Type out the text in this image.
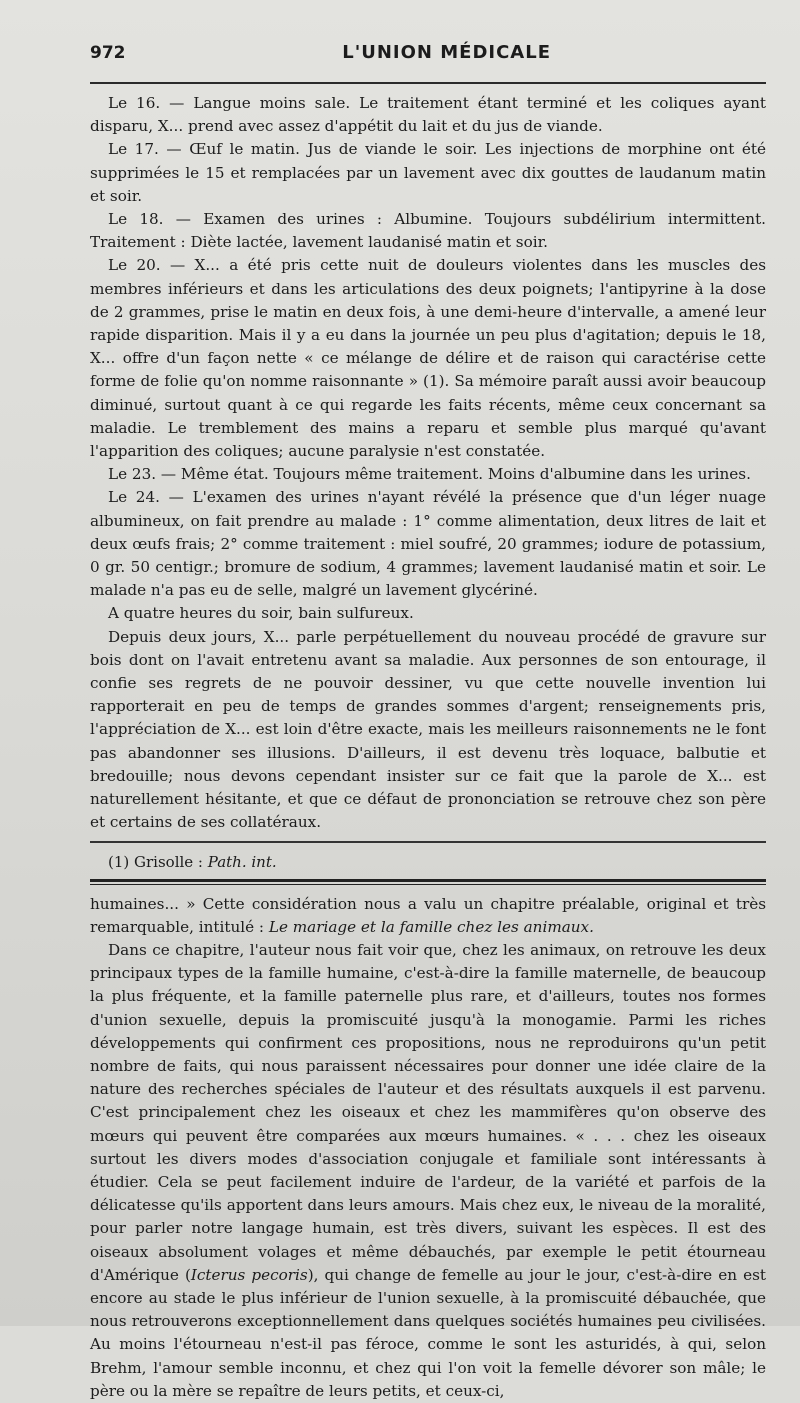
972	L'UNION MÉDICALE

Le 16. — Langue moins sale. Le traitement étant terminé et les coliques ayant disparu, X... prend avec assez d'appétit du lait et du jus de viande.

Le 17. — Œuf le matin. Jus de viande le soir. Les injections de morphine ont été supprimées le 15 et remplacées par un lavement avec dix gouttes de laudanum matin et soir.

Le 18. — Examen des urines : Albumine. Toujours subdélirium intermittent. Traitement : Diète lactée, lavement laudanisé matin et soir.

Le 20. — X... a été pris cette nuit de douleurs violentes dans les muscles des membres inférieurs et dans les articulations des deux poignets; l'antipyrine à la dose de 2 grammes, prise le matin en deux fois, à une demi-heure d'intervalle, a amené leur rapide disparition. Mais il y a eu dans la journée un peu plus d'agitation; depuis le 18, X... offre d'un façon nette « ce mélange de délire et de raison qui caractérise cette forme de folie qu'on nomme raisonnante » (1). Sa mémoire paraît aussi avoir beaucoup diminué, surtout quant à ce qui regarde les faits récents, même ceux concernant sa maladie. Le tremblement des mains a reparu et semble plus marqué qu'avant l'apparition des coliques; aucune paralysie n'est constatée.

Le 23. — Même état. Toujours même traitement. Moins d'albumine dans les urines.

Le 24. — L'examen des urines n'ayant révélé la présence que d'un léger nuage albumineux, on fait prendre au malade : 1° comme alimentation, deux litres de lait et deux œufs frais; 2° comme traitement : miel soufré, 20 grammes; iodure de potassium, 0 gr. 50 centigr.; bromure de sodium, 4 grammes; lavement laudanisé matin et soir. Le malade n'a pas eu de selle, malgré un lavement glycériné.

A quatre heures du soir, bain sulfureux.

Depuis deux jours, X... parle perpétuellement du nouveau procédé de gravure sur bois dont on l'avait entretenu avant sa maladie. Aux personnes de son entourage, il confie ses regrets de ne pouvoir dessiner, vu que cette nouvelle invention lui rapporterait en peu de temps de grandes sommes d'argent; renseignements pris, l'appréciation de X... est loin d'être exacte, mais les meilleurs raisonnements ne le font pas abandonner ses illusions. D'ailleurs, il est devenu très loquace, balbutie et bredouille; nous devons cependant insister sur ce fait que la parole de X... est naturellement hésitante, et que ce défaut de prononciation se retrouve chez son père et certains de ses collatéraux.

(1) Grisolle : Path. int.

humaines... » Cette considération nous a valu un chapitre préalable, original et très remarquable, intitulé : Le mariage et la famille chez les animaux.

Dans ce chapitre, l'auteur nous fait voir que, chez les animaux, on retrouve les deux principaux types de la famille humaine, c'est-à-dire la famille maternelle, de beaucoup la plus fréquente, et la famille paternelle plus rare, et d'ailleurs, toutes nos formes d'union sexuelle, depuis la promiscuité jusqu'à la monogamie. Parmi les riches développements qui confirment ces propositions, nous ne reproduirons qu'un petit nombre de faits, qui nous paraissent nécessaires pour donner une idée claire de la nature des recherches spéciales de l'auteur et des résultats auxquels il est parvenu. C'est principalement chez les oiseaux et chez les mammifères qu'on observe des mœurs qui peuvent être comparées aux mœurs humaines. « . . . chez les oiseaux surtout les divers modes d'association conjugale et familiale sont intéressants à étudier. Cela se peut facilement induire de l'ardeur, de la variété et parfois de la délicatesse qu'ils apportent dans leurs amours. Mais chez eux, le niveau de la moralité, pour parler notre langage humain, est très divers, suivant les espèces. Il est des oiseaux absolument volages et même débauchés, par exemple le petit étourneau d'Amérique (Icterus pecoris), qui change de femelle au jour le jour, c'est-à-dire en est encore au stade le plus inférieur de l'union sexuelle, à la promiscuité débauchée, que nous retrouverons exceptionnellement dans quelques sociétés humaines peu civilisées. Au moins l'étourneau n'est-il pas féroce, comme le sont les asturidés, à qui, selon Brehm, l'amour semble inconnu, et chez qui l'on voit la femelle dévorer son mâle; le père ou la mère se repaître de leurs petits, et ceux-ci,
